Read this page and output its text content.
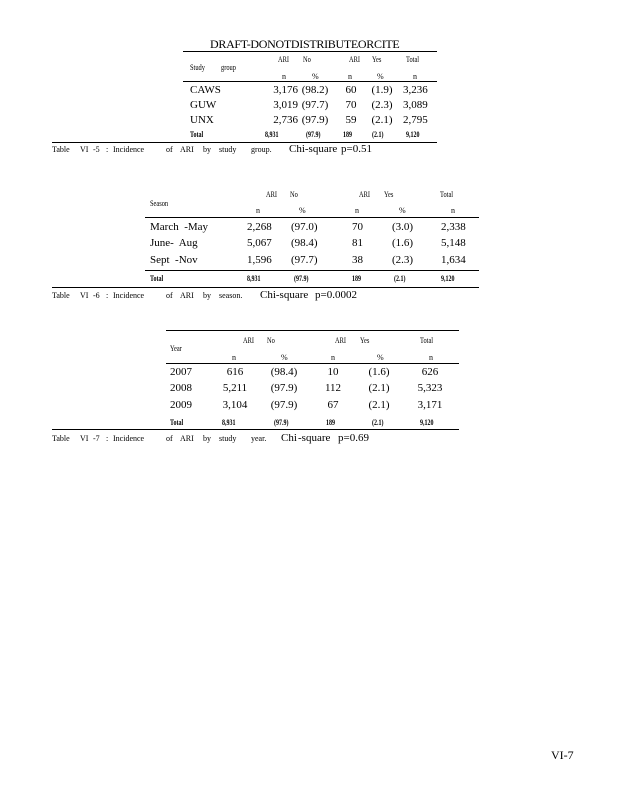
DRAFT-DONOTDISTRIBUTEORCITE
Study group
ARI No	ARI Yes	Total
n	%	n	%	n
CAWS	3,176 (98.2)	60	(1.9) 3,236
GUW	3,019 (97.7)	70	(2.3) 3,089
UNX	2,736 (97.9)	59	(2.1) 2,795
Total	8,931	(97.9)	189	(2.1)	9,120
Table VI -5 : Incidence	of ARI by study group. Chi-square p=0.51
Season
ARI No	ARI Yes	Total
n	%	n	%	n
March  -May	2,268 (97.0)	70	(3.0)	2,338
June-  Aug	5,067 (98.4)	81	(1.6)	5,148
Sept  -Nov	1,596 (97.7)	38	(2.3)	1,634
Total	8,931	(97.9)	189	(2.1)	9,120
Table VI -6 : Incidence	of ARI by season. Chi-square p=0.0002
Year
ARI No	ARI Yes	Total
n	%	n	%	n
2007	616	(98.4)	10	(1.6)	626
2008	5,211	(97.9)	112	(2.1)	5,323
2009	3,104	(97.9)	67	(2.1)	3,171
Total	8,931	(97.9)	189	(2.1)	9,120
Table VI -7 : Incidence	of ARI by study year. Chi -square p=0.69
VI-7
